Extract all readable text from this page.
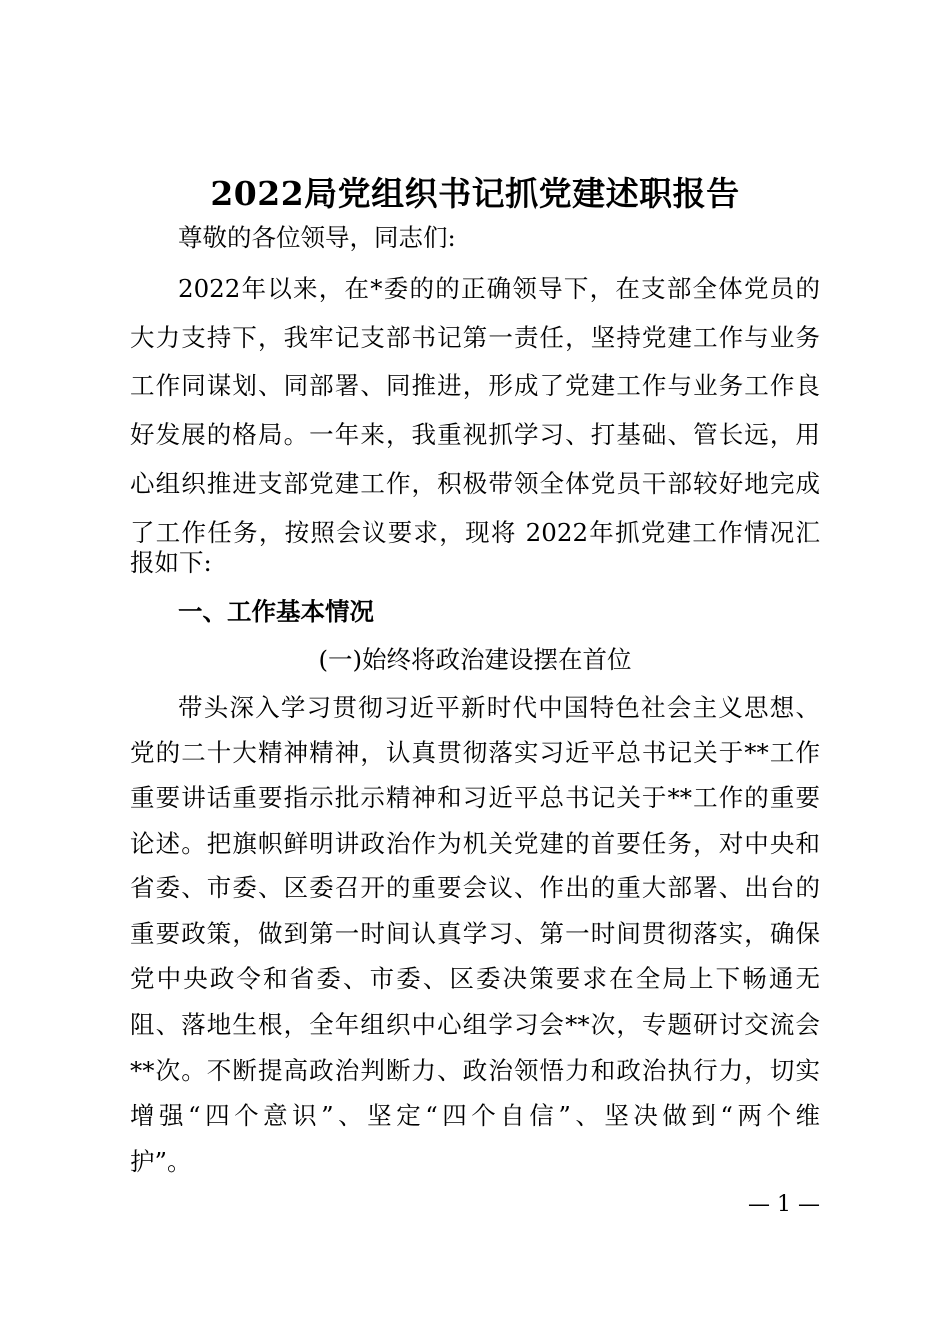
2022局党组织书记抓党建述职报告
尊敬的各位领导，同志们:
2022年以来，在*委的的正确领导下，在支部全体党员的
大力支持下，我牢记支部书记第一责任，坚持党建工作与业务
工作同谋划、同部署、同推进，形成了党建工作与业务工作良
好发展的格局。一年来，我重视抓学习、打基础、管长远，用
心组织推进支部党建工作，积极带领全体党员干部较好地完成
了工作任务，按照会议要求，现将 2022年抓党建工作情况汇
报如下:
一、工作基本情况
(一)始终将政治建设摆在首位
带头深入学习贯彻习近平新时代中国特色社会主义思想、
党的二十大精神精神，认真贯彻落实习近平总书记关于**工作
重要讲话重要指示批示精神和习近平总书记关于**工作的重要
论述。把旗帜鲜明讲政治作为机关党建的首要任务，对中央和
省委、市委、区委召开的重要会议、作出的重大部署、出台的
重要政策，做到第一时间认真学习、第一时间贯彻落实，确保
党中央政令和省委、市委、区委决策要求在全局上下畅通无
阻、落地生根，全年组织中心组学习会**次，专题研讨交流会
**次。不断提高政治判断力、政治领悟力和政治执行力，切实
增强“四个意识”、坚定“四个自信”、坚决做到“两个维
护”。
— 1 —
